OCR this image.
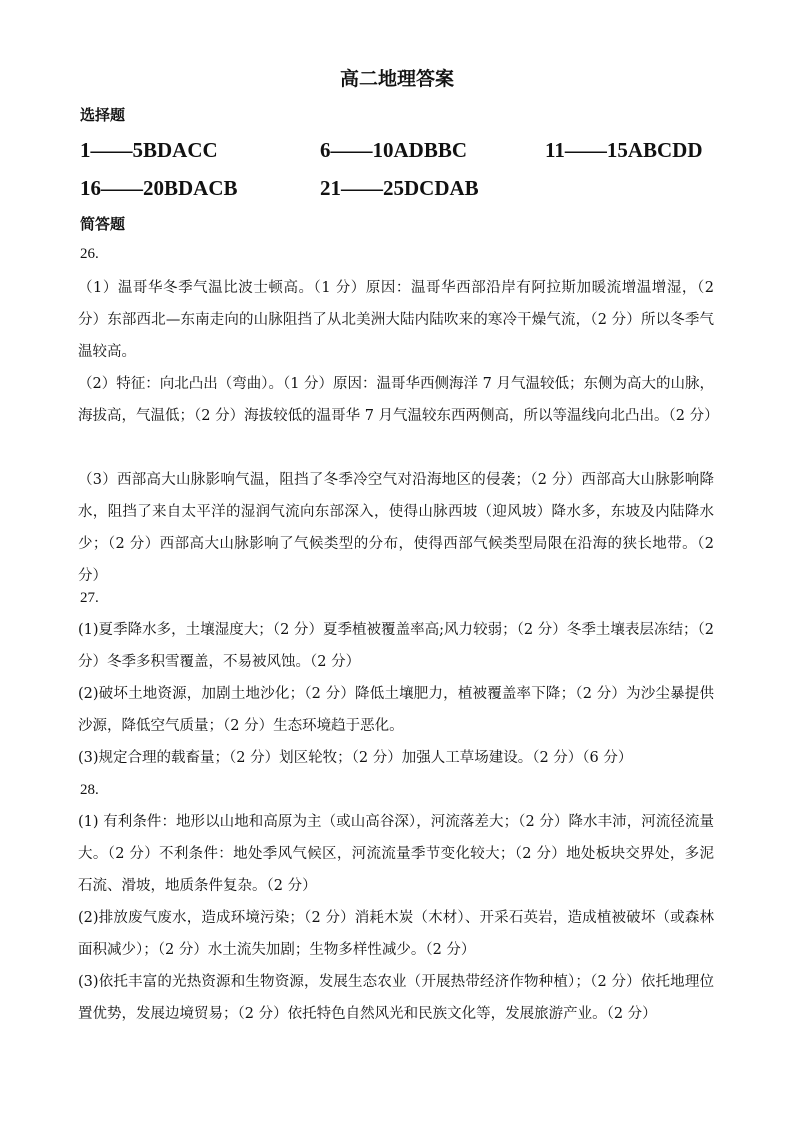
高二地理答案
选择题
1——5BDACC	6——10ADBBC	11——15ABCDD
16——20BDACB	21——25DCDAB
简答题
26.
（1）温哥华冬季气温比波士顿高。（1 分）原因：温哥华西部沿岸有阿拉斯加暖流增温增湿，（2 分）东部西北—东南走向的山脉阻挡了从北美洲大陆内陆吹来的寒冷干燥气流，（2 分）所以冬季气温较高。
（2）特征：向北凸出（弯曲）。（1 分）原因：温哥华西侧海洋 7 月气温较低；东侧为高大的山脉，海拔高，气温低；（2 分）海拔较低的温哥华 7 月气温较东西两侧高，所以等温线向北凸出。（2 分）
（3）西部高大山脉影响气温，阻挡了冬季冷空气对沿海地区的侵袭；（2 分）西部高大山脉影响降水，阻挡了来自太平洋的湿润气流向东部深入，使得山脉西坡（迎风坡）降水多，东坡及内陆降水少；（2 分）西部高大山脉影响了气候类型的分布，使得西部气候类型局限在沿海的狭长地带。（2 分）
27.
(1)夏季降水多，土壤湿度大；（2 分）夏季植被覆盖率高;风力较弱；（2 分）冬季土壤表层冻结；（2 分）冬季多积雪覆盖，不易被风蚀。（2 分）
(2)破坏土地资源，加剧土地沙化；（2 分）降低土壤肥力，植被覆盖率下降；（2 分）为沙尘暴提供沙源，降低空气质量；（2 分）生态环境趋于恶化。
(3)规定合理的载畜量；（2 分）划区轮牧；（2 分）加强人工草场建设。（2 分）（6 分）
28.
(1) 有利条件：地形以山地和高原为主（或山高谷深），河流落差大；（2 分）降水丰沛，河流径流量大。（2 分）不利条件：地处季风气候区，河流流量季节变化较大；（2 分）地处板块交界处，多泥石流、滑坡，地质条件复杂。（2 分）
(2)排放废气废水，造成环境污染；（2 分）消耗木炭（木材）、开采石英岩，造成植被破坏（或森林面积减少）；（2 分）水土流失加剧；生物多样性减少。（2 分）
(3)依托丰富的光热资源和生物资源，发展生态农业（开展热带经济作物种植）；（2 分）依托地理位置优势，发展边境贸易；（2 分）依托特色自然风光和民族文化等，发展旅游产业。（2 分）
